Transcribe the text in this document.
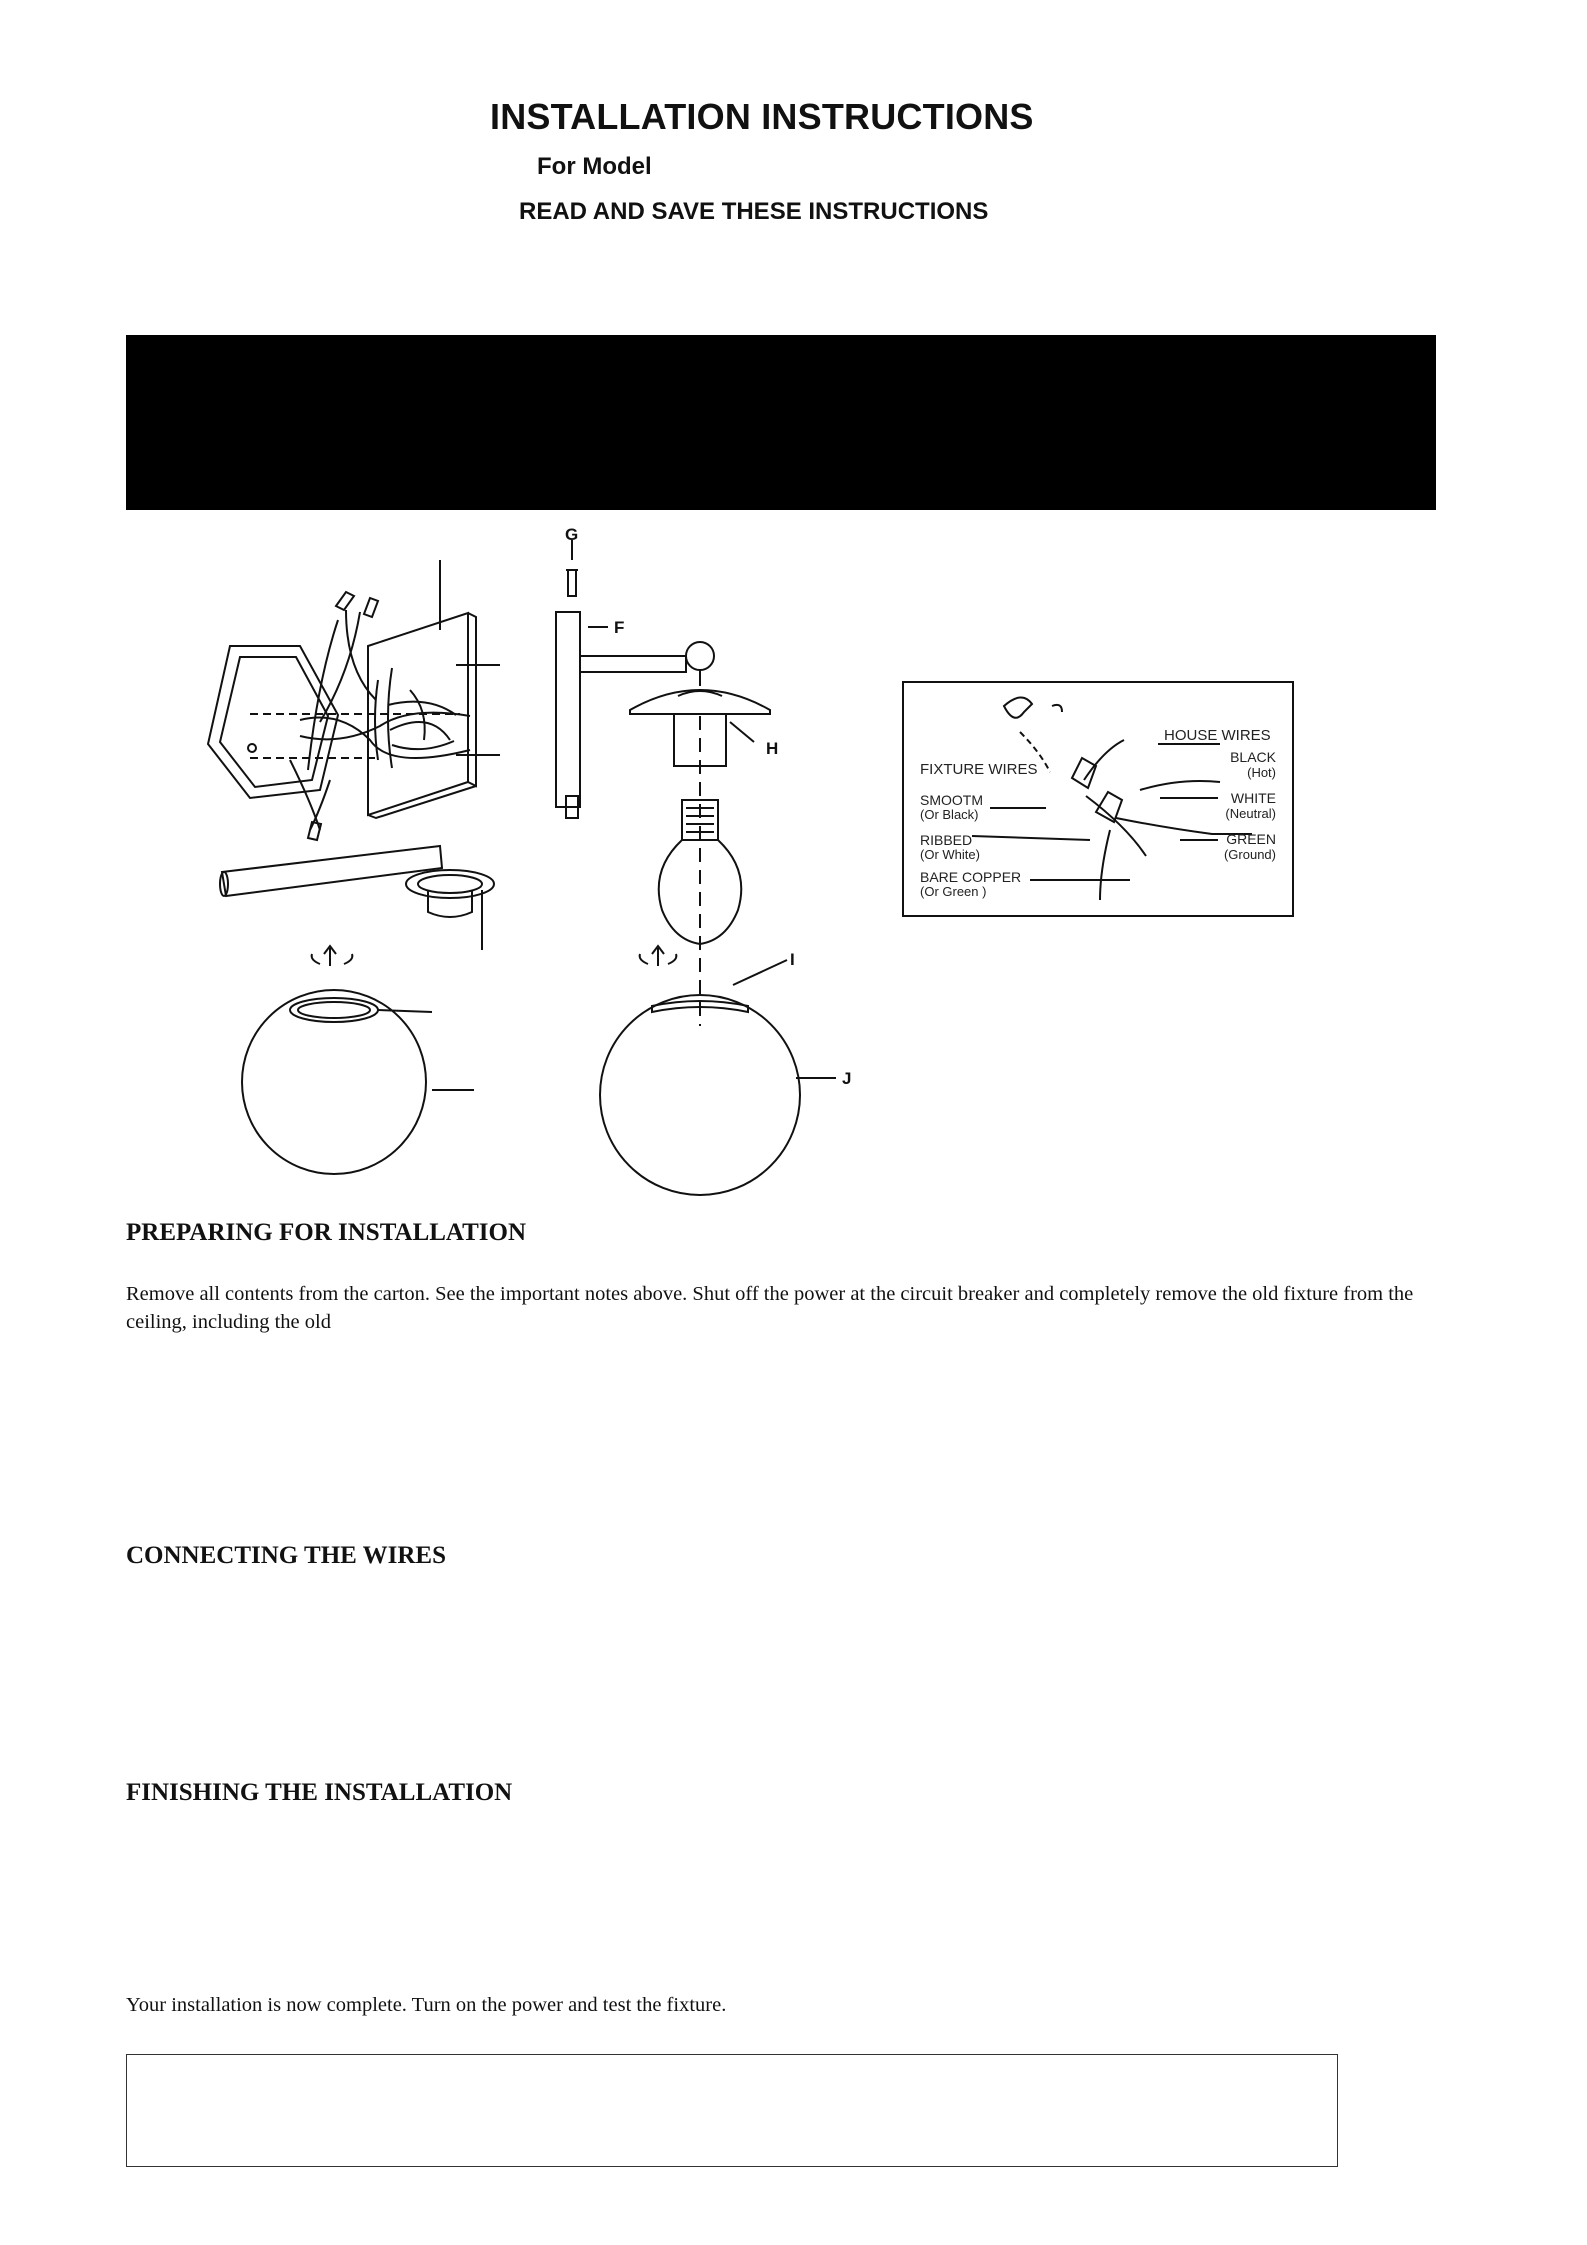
INSTALLATION INSTRUCTIONS
For Model
READ AND SAVE THESE INSTRUCTIONS
G
F
H
I
J
FIXTURE WIRES
HOUSE WIRES
SMOOTM
(Or Black)
RIBBED
(Or White)
BARE COPPER
(Or Green )
BLACK
(Hot)
WHITE
(Neutral)
GREEN
(Ground)
PREPARING FOR INSTALLATION
Remove all contents from the carton. See the important notes above. Shut off the power at the circuit breaker and completely remove the old fixture from the ceiling, including the old
CONNECTING THE WIRES
FINISHING THE INSTALLATION
Your installation is now complete. Turn on the power and test the fixture.
